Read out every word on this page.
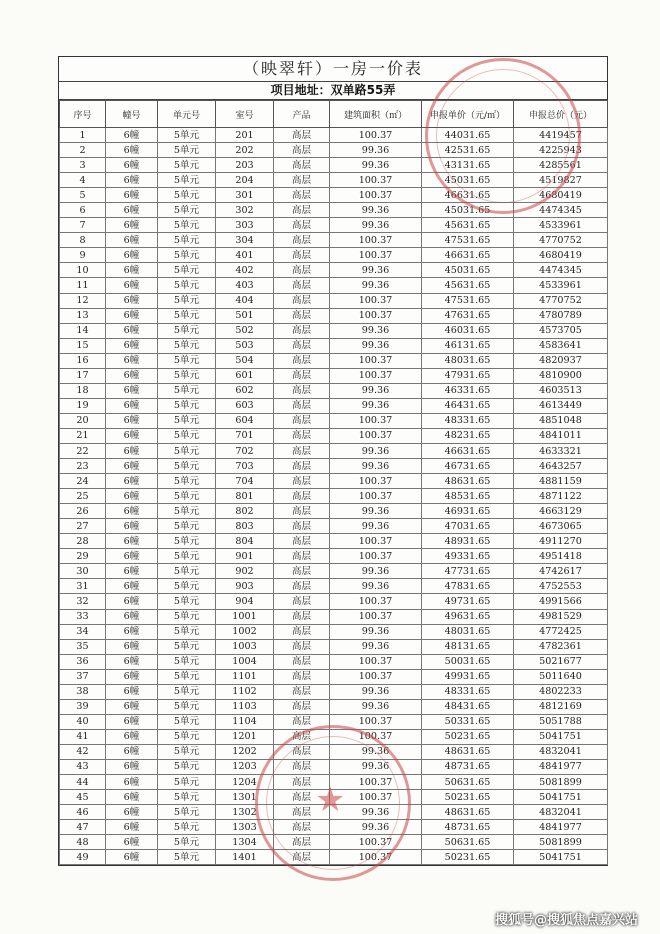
（映翠轩）一房一价表
项目地址：双单路55弄
序号	幢号	单元号	室号	产品	建筑面积（㎡）	申报单价（元/㎡）	申报总价（元）
1	6幢	5单元	201	高层	100.37	44031.65	4419457
2	6幢	5单元	202	高层	99.36	42531.65	4225943
3	6幢	5单元	203	高层	99.36	43131.65	4285561
4	6幢	5单元	204	高层	100.37	45031.65	4519827
5	6幢	5单元	301	高层	100.37	46631.65	4680419
6	6幢	5单元	302	高层	99.36	45031.65	4474345
7	6幢	5单元	303	高层	99.36	45631.65	4533961
8	6幢	5单元	304	高层	100.37	47531.65	4770752
9	6幢	5单元	401	高层	100.37	46631.65	4680419
10	6幢	5单元	402	高层	99.36	45031.65	4474345
11	6幢	5单元	403	高层	99.36	45631.65	4533961
12	6幢	5单元	404	高层	100.37	47531.65	4770752
13	6幢	5单元	501	高层	100.37	47631.65	4780789
14	6幢	5单元	502	高层	99.36	46031.65	4573705
15	6幢	5单元	503	高层	99.36	46131.65	4583641
16	6幢	5单元	504	高层	100.37	48031.65	4820937
17	6幢	5单元	601	高层	100.37	47931.65	4810900
18	6幢	5单元	602	高层	99.36	46331.65	4603513
19	6幢	5单元	603	高层	99.36	46431.65	4613449
20	6幢	5单元	604	高层	100.37	48331.65	4851048
21	6幢	5单元	701	高层	100.37	48231.65	4841011
22	6幢	5单元	702	高层	99.36	46631.65	4633321
23	6幢	5单元	703	高层	99.36	46731.65	4643257
24	6幢	5单元	704	高层	100.37	48631.65	4881159
25	6幢	5单元	801	高层	100.37	48531.65	4871122
26	6幢	5单元	802	高层	99.36	46931.65	4663129
27	6幢	5单元	803	高层	99.36	47031.65	4673065
28	6幢	5单元	804	高层	100.37	48931.65	4911270
29	6幢	5单元	901	高层	100.37	49331.65	4951418
30	6幢	5单元	902	高层	99.36	47731.65	4742617
31	6幢	5单元	903	高层	99.36	47831.65	4752553
32	6幢	5单元	904	高层	100.37	49731.65	4991566
33	6幢	5单元	1001	高层	100.37	49631.65	4981529
34	6幢	5单元	1002	高层	99.36	48031.65	4772425
35	6幢	5单元	1003	高层	99.36	48131.65	4782361
36	6幢	5单元	1004	高层	100.37	50031.65	5021677
37	6幢	5单元	1101	高层	100.37	49931.65	5011640
38	6幢	5单元	1102	高层	99.36	48331.65	4802233
39	6幢	5单元	1103	高层	99.36	48431.65	4812169
40	6幢	5单元	1104	高层	100.37	50331.65	5051788
41	6幢	5单元	1201	高层	100.37	50231.65	5041751
42	6幢	5单元	1202	高层	99.36	48631.65	4832041
43	6幢	5单元	1203	高层	99.36	48731.65	4841977
44	6幢	5单元	1204	高层	100.37	50631.65	5081899
45	6幢	5单元	1301	高层	100.37	50231.65	5041751
46	6幢	5单元	1302	高层	99.36	48631.65	4832041
47	6幢	5单元	1303	高层	99.36	48731.65	4841977
48	6幢	5单元	1304	高层	100.37	50631.65	5081899
49	6幢	5单元	1401	高层	100.37	50231.65	5041751
★
搜狐号@搜狐焦点嘉兴站
